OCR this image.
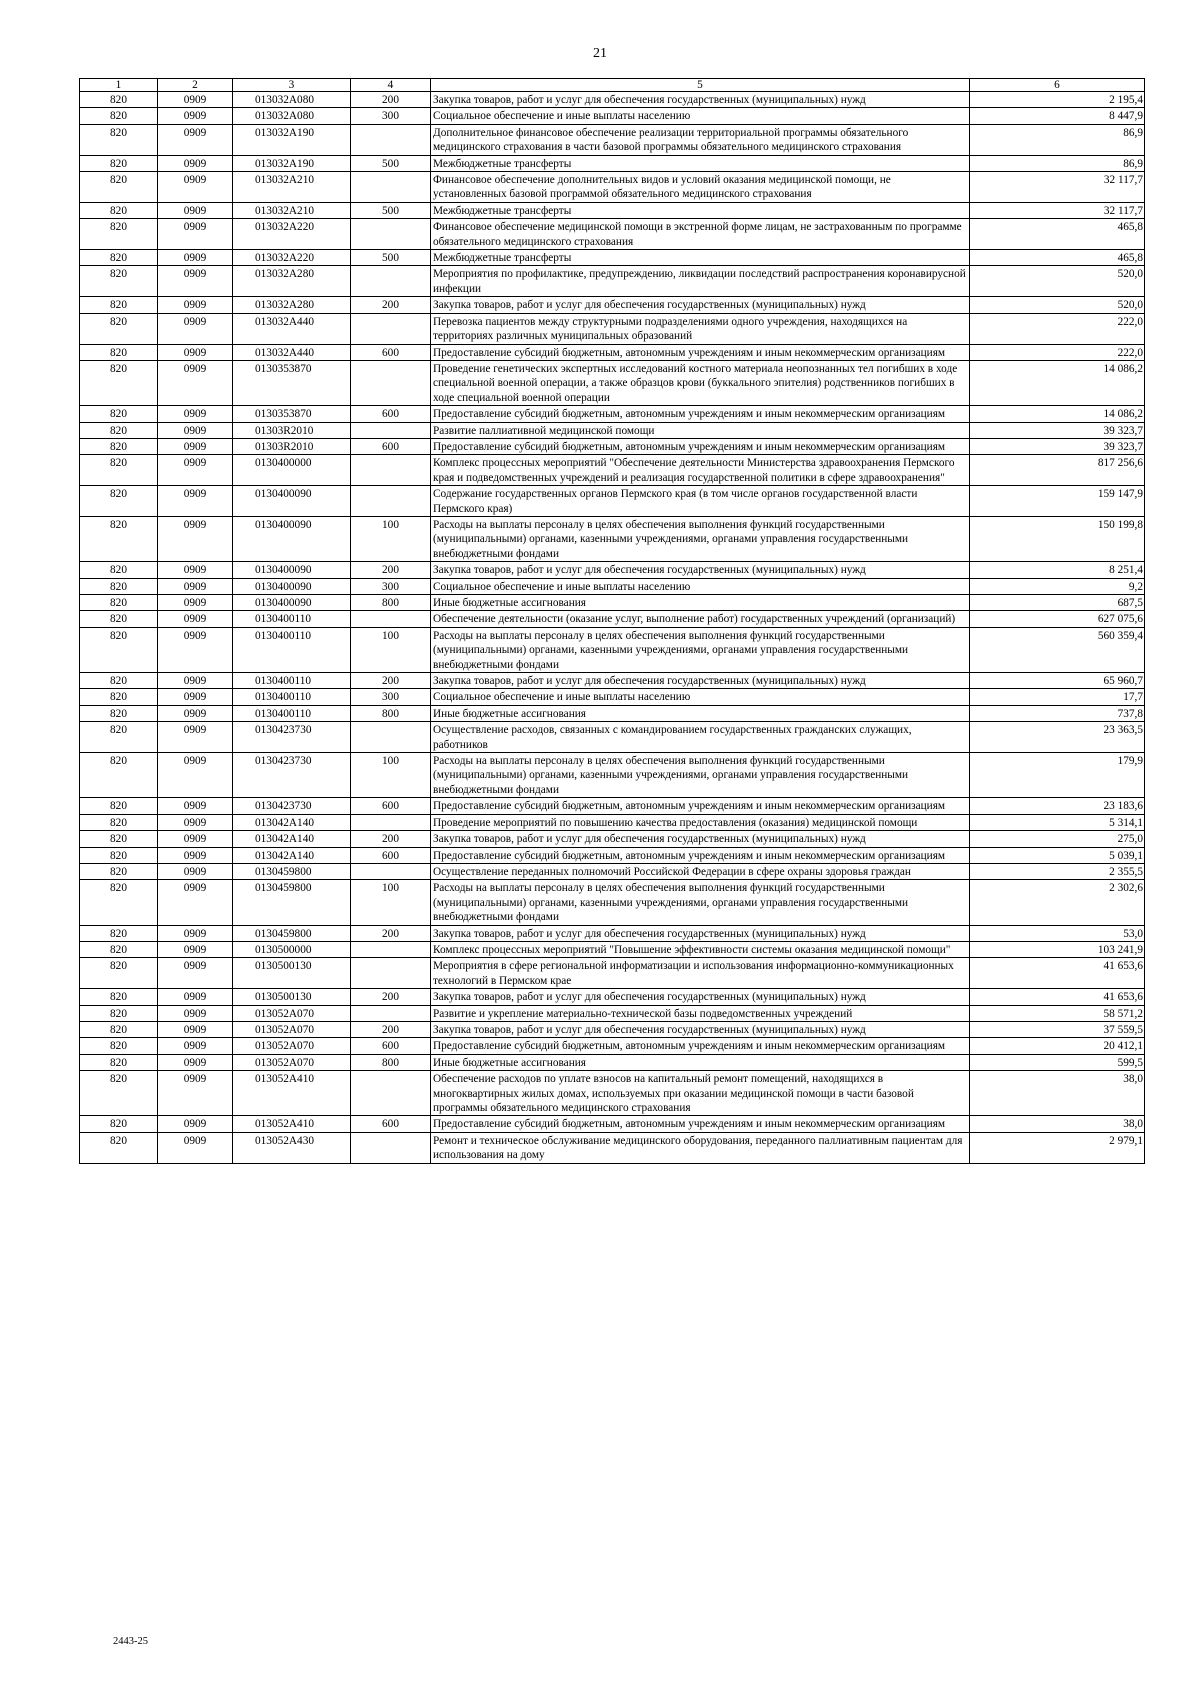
21
1	2	3	4	5	6
820	0909	013032A080	200	Закупка товаров, работ и услуг для обеспечения государственных (муниципальных) нужд	2 195,4
820	0909	013032A080	300	Социальное обеспечение и иные выплаты населению	8 447,9
820	0909	013032A190		Дополнительное финансовое обеспечение реализации территориальной программы обязательного медицинского страхования в части базовой программы обязательного медицинского страхования	86,9
820	0909	013032A190	500	Межбюджетные трансферты	86,9
820	0909	013032A210		Финансовое обеспечение дополнительных видов и условий оказания медицинской помощи, не установленных базовой программой обязательного медицинского страхования	32 117,7
820	0909	013032A210	500	Межбюджетные трансферты	32 117,7
820	0909	013032A220		Финансовое обеспечение медицинской помощи в экстренной форме лицам, не застрахованным по программе обязательного медицинского страхования	465,8
820	0909	013032A220	500	Межбюджетные трансферты	465,8
820	0909	013032A280		Мероприятия по профилактике, предупреждению, ликвидации последствий распространения коронавирусной инфекции	520,0
820	0909	013032A280	200	Закупка товаров, работ и услуг для обеспечения государственных (муниципальных) нужд	520,0
820	0909	013032A440		Перевозка пациентов между структурными подразделениями одного учреждения, находящихся на территориях различных муниципальных образований	222,0
820	0909	013032A440	600	Предоставление субсидий бюджетным, автономным учреждениям и иным некоммерческим организациям	222,0
820	0909	0130353870		Проведение генетических экспертных исследований костного материала неопознанных тел погибших в ходе специальной военной операции, а также образцов крови (буккального эпителия) родственников погибших в ходе специальной военной операции	14 086,2
820	0909	0130353870	600	Предоставление субсидий бюджетным, автономным учреждениям и иным некоммерческим организациям	14 086,2
820	0909	01303R2010		Развитие паллиативной медицинской помощи	39 323,7
820	0909	01303R2010	600	Предоставление субсидий бюджетным, автономным учреждениям и иным некоммерческим организациям	39 323,7
820	0909	0130400000		Комплекс процессных мероприятий "Обеспечение деятельности Министерства здравоохранения Пермского края и подведомственных учреждений и реализация государственной политики в сфере здравоохранения"	817 256,6
820	0909	0130400090		Содержание государственных органов Пермского края (в том числе органов государственной власти Пермского края)	159 147,9
820	0909	0130400090	100	Расходы на выплаты персоналу в целях обеспечения выполнения функций государственными (муниципальными) органами, казенными учреждениями, органами управления государственными внебюджетными фондами	150 199,8
820	0909	0130400090	200	Закупка товаров, работ и услуг для обеспечения государственных (муниципальных) нужд	8 251,4
820	0909	0130400090	300	Социальное обеспечение и иные выплаты населению	9,2
820	0909	0130400090	800	Иные бюджетные ассигнования	687,5
820	0909	0130400110		Обеспечение деятельности (оказание услуг, выполнение работ) государственных учреждений (организаций)	627 075,6
820	0909	0130400110	100	Расходы на выплаты персоналу в целях обеспечения выполнения функций государственными (муниципальными) органами, казенными учреждениями, органами управления государственными внебюджетными фондами	560 359,4
820	0909	0130400110	200	Закупка товаров, работ и услуг для обеспечения государственных (муниципальных) нужд	65 960,7
820	0909	0130400110	300	Социальное обеспечение и иные выплаты населению	17,7
820	0909	0130400110	800	Иные бюджетные ассигнования	737,8
820	0909	0130423730		Осуществление расходов, связанных с командированием государственных гражданских служащих, работников	23 363,5
820	0909	0130423730	100	Расходы на выплаты персоналу в целях обеспечения выполнения функций государственными (муниципальными) органами, казенными учреждениями, органами управления государственными внебюджетными фондами	179,9
820	0909	0130423730	600	Предоставление субсидий бюджетным, автономным учреждениям и иным некоммерческим организациям	23 183,6
820	0909	013042A140		Проведение мероприятий по повышению качества предоставления (оказания) медицинской помощи	5 314,1
820	0909	013042A140	200	Закупка товаров, работ и услуг для обеспечения государственных (муниципальных) нужд	275,0
820	0909	013042A140	600	Предоставление субсидий бюджетным, автономным учреждениям и иным некоммерческим организациям	5 039,1
820	0909	0130459800		Осуществление переданных полномочий Российской Федерации в сфере охраны здоровья граждан	2 355,5
820	0909	0130459800	100	Расходы на выплаты персоналу в целях обеспечения выполнения функций государственными (муниципальными) органами, казенными учреждениями, органами управления государственными внебюджетными фондами	2 302,6
820	0909	0130459800	200	Закупка товаров, работ и услуг для обеспечения государственных (муниципальных) нужд	53,0
820	0909	0130500000		Комплекс процессных мероприятий "Повышение эффективности системы оказания медицинской помощи"	103 241,9
820	0909	0130500130		Мероприятия в сфере региональной информатизации и использования информационно-коммуникационных технологий в Пермском крае	41 653,6
820	0909	0130500130	200	Закупка товаров, работ и услуг для обеспечения государственных (муниципальных) нужд	41 653,6
820	0909	013052A070		Развитие и укрепление материально-технической базы подведомственных учреждений	58 571,2
820	0909	013052A070	200	Закупка товаров, работ и услуг для обеспечения государственных (муниципальных) нужд	37 559,5
820	0909	013052A070	600	Предоставление субсидий бюджетным, автономным учреждениям и иным некоммерческим организациям	20 412,1
820	0909	013052A070	800	Иные бюджетные ассигнования	599,5
820	0909	013052A410		Обеспечение расходов по уплате взносов на капитальный ремонт помещений, находящихся в многоквартирных жилых домах, используемых при оказании медицинской помощи в части базовой программы обязательного медицинского страхования	38,0
820	0909	013052A410	600	Предоставление субсидий бюджетным, автономным учреждениям и иным некоммерческим организациям	38,0
820	0909	013052A430		Ремонт и техническое обслуживание медицинского оборудования, переданного паллиативным пациентам для использования на дому	2 979,1
2443-25
